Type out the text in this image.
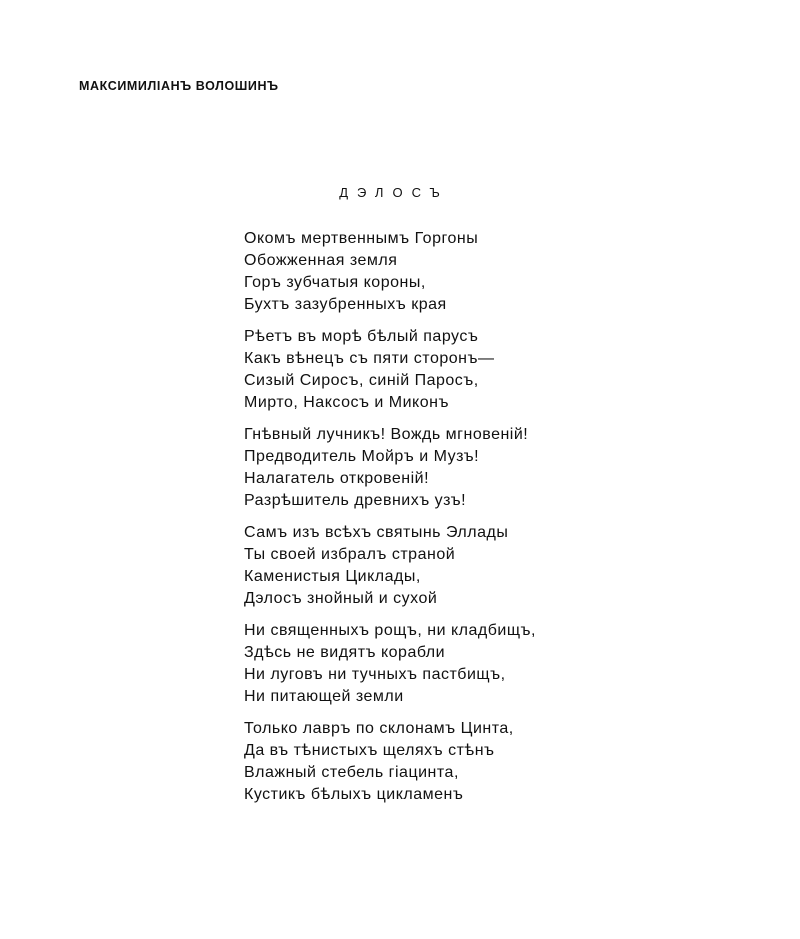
МАКСИМИЛІАНЪ ВОЛОШИНЪ
ДЭЛОСЪ
Окомъ мертвеннымъ Горгоны
Обожженная земля
Горъ зубчатыя короны,
Бухтъ зазубренныхъ края
Рѣетъ въ морѣ бѣлый парусъ
Какъ вѣнецъ съ пяти сторонъ—
Сизый Сиросъ, синій Паросъ,
Мирто, Наксосъ и Миконъ
Гнѣвный лучникъ! Вождь мгновеній!
Предводитель Мойръ и Музъ!
Налагатель откровеній!
Разрѣшитель древнихъ узъ!
Самъ изъ всѣхъ святынь Эллады
Ты своей избралъ страной
Каменистыя Циклады,
Дэлосъ знойный и сухой
Ни священныхъ рощъ, ни кладбищъ,
Здѣсь не видятъ корабли
Ни луговъ ни тучныхъ пастбищъ,
Ни питающей земли
Только лавръ по склонамъ Цинта,
Да въ тѣнистыхъ щеляхъ стѣнъ
Влажный стебель гіацинта,
Кустикъ бѣлыхъ цикламенъ
